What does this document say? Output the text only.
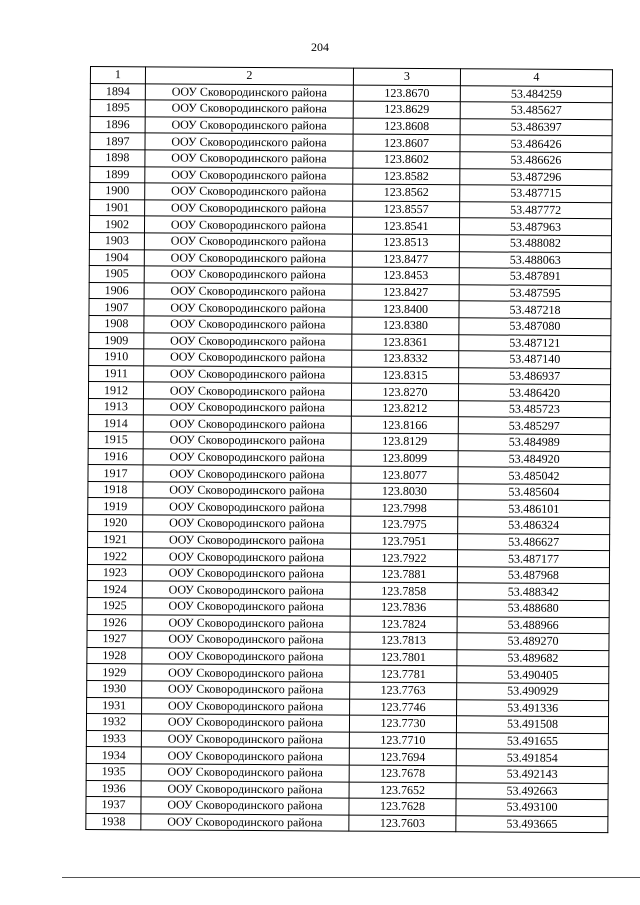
204
1	2	3	4
1894	ООУ Сковородинского района	123.8670	53.484259
1895	ООУ Сковородинского района	123.8629	53.485627
1896	ООУ Сковородинского района	123.8608	53.486397
1897	ООУ Сковородинского района	123.8607	53.486426
1898	ООУ Сковородинского района	123.8602	53.486626
1899	ООУ Сковородинского района	123.8582	53.487296
1900	ООУ Сковородинского района	123.8562	53.487715
1901	ООУ Сковородинского района	123.8557	53.487772
1902	ООУ Сковородинского района	123.8541	53.487963
1903	ООУ Сковородинского района	123.8513	53.488082
1904	ООУ Сковородинского района	123.8477	53.488063
1905	ООУ Сковородинского района	123.8453	53.487891
1906	ООУ Сковородинского района	123.8427	53.487595
1907	ООУ Сковородинского района	123.8400	53.487218
1908	ООУ Сковородинского района	123.8380	53.487080
1909	ООУ Сковородинского района	123.8361	53.487121
1910	ООУ Сковородинского района	123.8332	53.487140
1911	ООУ Сковородинского района	123.8315	53.486937
1912	ООУ Сковородинского района	123.8270	53.486420
1913	ООУ Сковородинского района	123.8212	53.485723
1914	ООУ Сковородинского района	123.8166	53.485297
1915	ООУ Сковородинского района	123.8129	53.484989
1916	ООУ Сковородинского района	123.8099	53.484920
1917	ООУ Сковородинского района	123.8077	53.485042
1918	ООУ Сковородинского района	123.8030	53.485604
1919	ООУ Сковородинского района	123.7998	53.486101
1920	ООУ Сковородинского района	123.7975	53.486324
1921	ООУ Сковородинского района	123.7951	53.486627
1922	ООУ Сковородинского района	123.7922	53.487177
1923	ООУ Сковородинского района	123.7881	53.487968
1924	ООУ Сковородинского района	123.7858	53.488342
1925	ООУ Сковородинского района	123.7836	53.488680
1926	ООУ Сковородинского района	123.7824	53.488966
1927	ООУ Сковородинского района	123.7813	53.489270
1928	ООУ Сковородинского района	123.7801	53.489682
1929	ООУ Сковородинского района	123.7781	53.490405
1930	ООУ Сковородинского района	123.7763	53.490929
1931	ООУ Сковородинского района	123.7746	53.491336
1932	ООУ Сковородинского района	123.7730	53.491508
1933	ООУ Сковородинского района	123.7710	53.491655
1934	ООУ Сковородинского района	123.7694	53.491854
1935	ООУ Сковородинского района	123.7678	53.492143
1936	ООУ Сковородинского района	123.7652	53.492663
1937	ООУ Сковородинского района	123.7628	53.493100
1938	ООУ Сковородинского района	123.7603	53.493665
